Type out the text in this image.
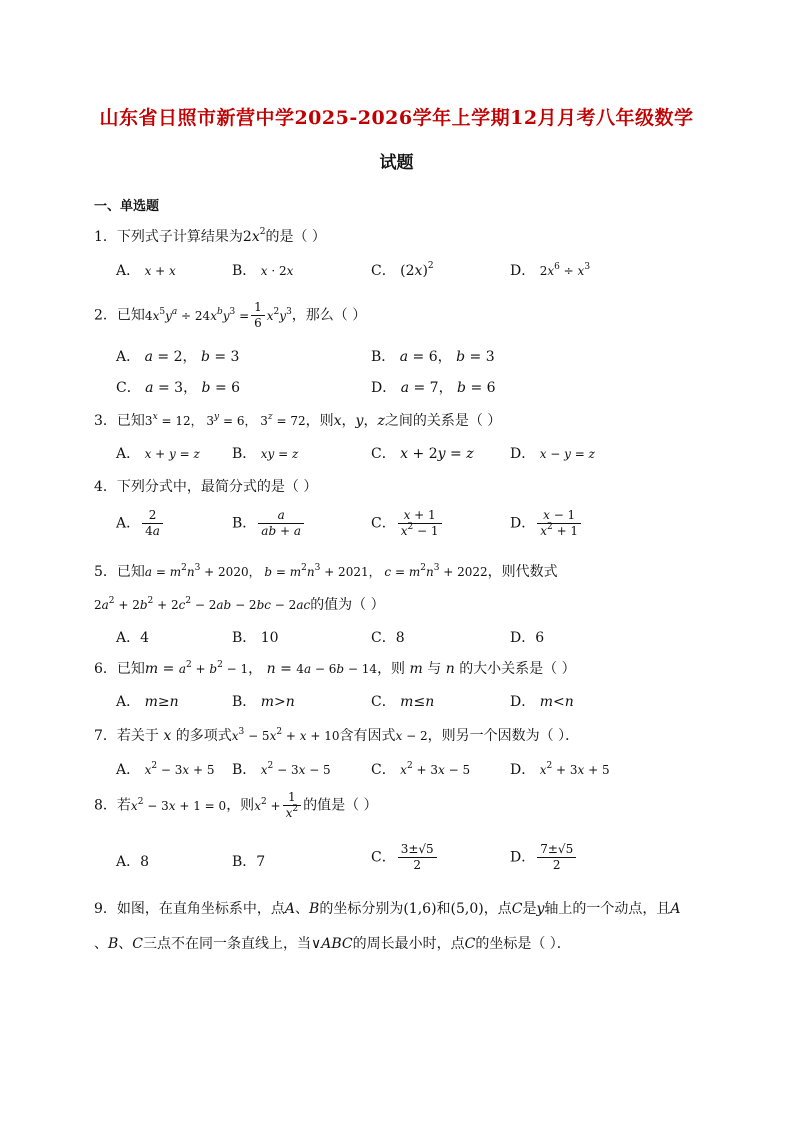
山东省日照市新营中学2025-2026学年上学期12月月考八年级数学
试题
一、单选题
1．下列式子计算结果为$2x^2$的是（ ）
A． x + x	B． x · 2x	C． $(2x)^2$	D． $2x^6 \div x^3$
2．已知$4x^5y^a \div 24x^by^3 = \frac{1}{6} x^2y^3$，那么（ ）
A． a = 2， b = 3	B． a = 6， b = 3
C． a = 3， b = 6	D． a = 7， b = 6
3．已知$3^x = 12$， $3^y = 6$， $3^z = 72$，则x，y，z之间的关系是（ ）
A． x + y = z B． xy = z	C． x + 2y = z	D． x − y = z
4．下列分式中，最简分式的是（ ）
A． $\frac{2}{4a}$	B． $\frac{a}{ab + a}$	C． $\frac{x + 1}{x^2 - 1}$	D． $\frac{x - 1}{x^2 + 1}$
5．已知$a = m^2n^3 + 2020$， $b = m^2n^3 + 2021$， $c = m^2n^3 + 2022$，则代数式
$2a^2 + 2b^2 + 2c^2 - 2ab - 2bc - 2ac$的值为（ ）
A．4	B． 10	C．8	D．6
6．已知$m = a^2 + b^2 - 1$， n = 4a − 6b − 14，则 m 与 n 的大小关系是（ ）
A． m≥n	B． m>n	C． m≤n	D． m<n
7．若关于 x 的多项式$x^3 - 5x^2 + x + 10$含有因式x − 2，则另一个因数为（ ）．
A． $x^2 - 3x + 5$ B． $x^2 - 3x - 5$	C． $x^2 + 3x - 5$	D． $x^2 + 3x + 5$
8．若$x^2 - 3x + 1 = 0$，则$x^2 + \frac{1}{x^2}$ 的值是（ ）
A．8	B．7	C． $\frac{3\pm√5}{2}$	D． $\frac{7\pm√5}{2}$
9．如图，在直角坐标系中，点A、B的坐标分别为(1,6)和(5,0)，点C是y轴上的一个动点，且A
、B、C三点不在同一条直线上，当∨ABC的周长最小时，点C的坐标是（ ）．
